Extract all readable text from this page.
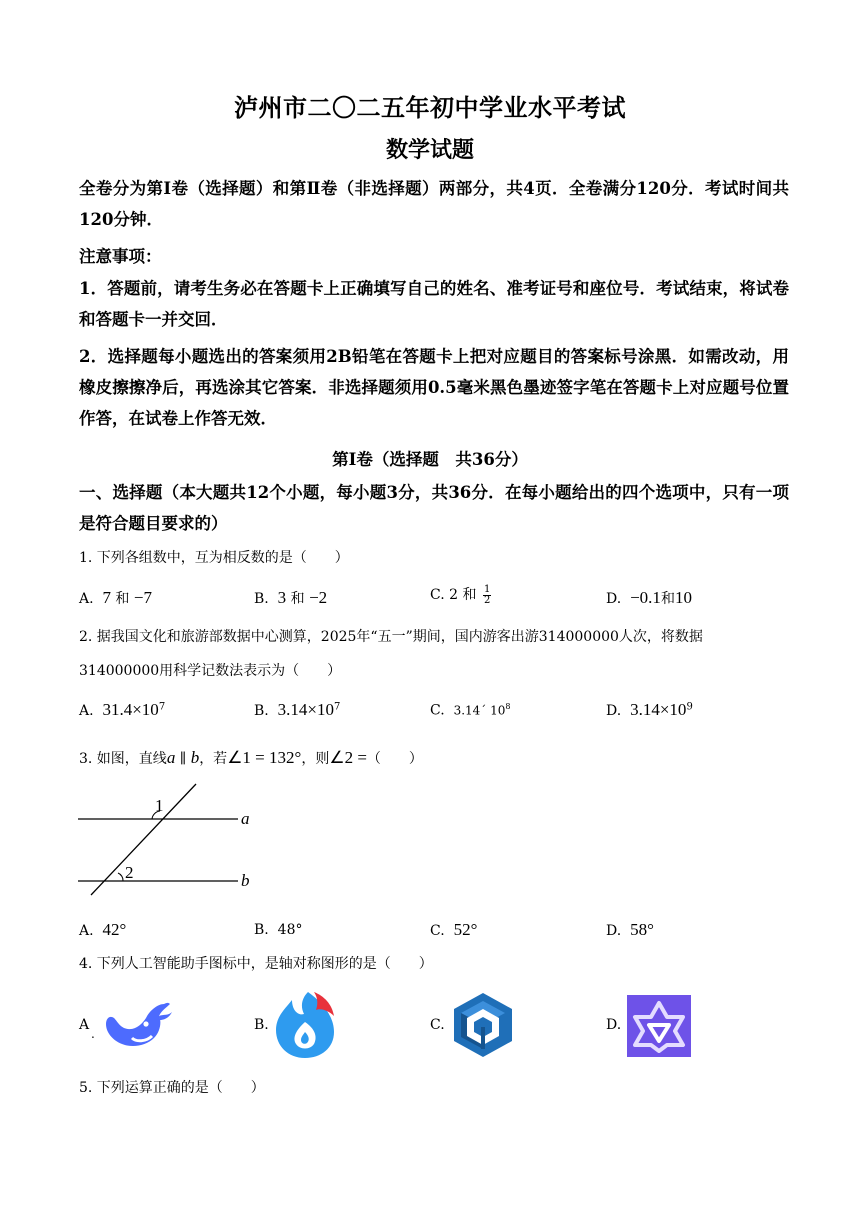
泸州市二〇二五年初中学业水平考试
数学试题
全卷分为第Ⅰ卷（选择题）和第Ⅱ卷（非选择题）两部分，共4页．全卷满分120分．考试时间共120分钟．
注意事项：
1．答题前，请考生务必在答题卡上正确填写自己的姓名、准考证号和座位号．考试结束，将试卷和答题卡一并交回．
2．选择题每小题选出的答案须用2B铅笔在答题卡上把对应题目的答案标号涂黑．如需改动，用橡皮擦擦净后，再选涂其它答案．非选择题须用0.5毫米黑色墨迹签字笔在答题卡上对应题号位置作答，在试卷上作答无效．
第Ⅰ卷（选择题　共36分）
一、选择题（本大题共12个小题，每小题3分，共36分．在每小题给出的四个选项中，只有一项是符合题目要求的）
1. 下列各组数中，互为相反数的是（　　）
A. 7 和 −7	B. 3 和 −2	C. 2 和 $\frac{1}{2}$	D. −0.1和10
2. 据我国文化和旅游部数据中心测算，2025年“五一”期间，国内游客出游314000000人次，将数据
314000000用科学记数法表示为（　　）
A. $31.4\times 10^7$	B. $3.14\times 10^7$	C. 3.14´ $10^8$	D. $3.14\times 10^9$
3. 如图，直线a ∥ b，若∠1 = 132°，则∠2 =（　　）
1
2
a
b
A. 42°	B. 48°	C. 52°	D. 58°
4. 下列人工智能助手图标中，是轴对称图形的是（　　）
A
.
B.	C.	D.
5. 下列运算正确的是（　　）
